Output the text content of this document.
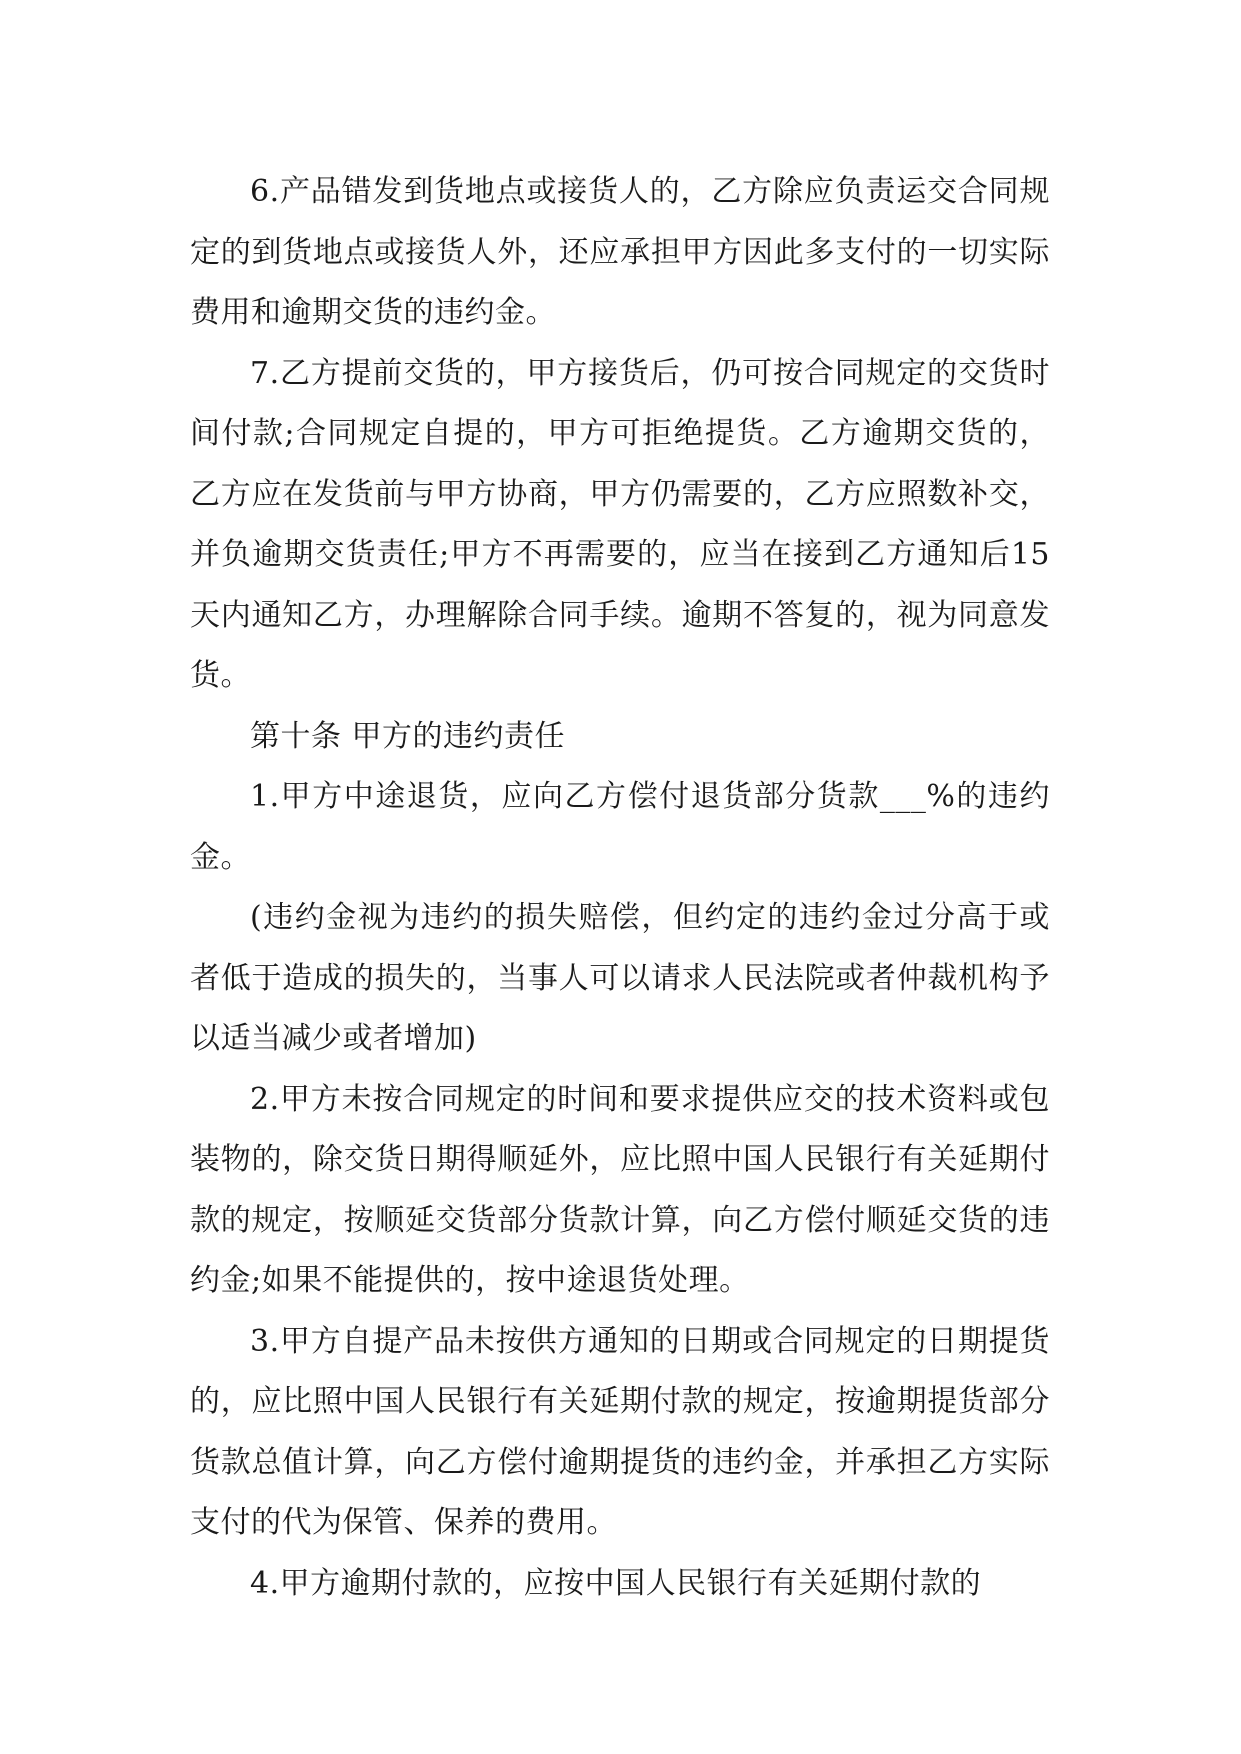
6.产品错发到货地点或接货人的，乙方除应负责运交合同规定的到货地点或接货人外，还应承担甲方因此多支付的一切实际费用和逾期交货的违约金。

7.乙方提前交货的，甲方接货后，仍可按合同规定的交货时间付款;合同规定自提的，甲方可拒绝提货。乙方逾期交货的，乙方应在发货前与甲方协商，甲方仍需要的，乙方应照数补交，并负逾期交货责任;甲方不再需要的，应当在接到乙方通知后15天内通知乙方，办理解除合同手续。逾期不答复的，视为同意发货。

第十条 甲方的违约责任

1.甲方中途退货，应向乙方偿付退货部分货款___%的违约金。

(违约金视为违约的损失赔偿，但约定的违约金过分高于或者低于造成的损失的，当事人可以请求人民法院或者仲裁机构予以适当减少或者增加)

2.甲方未按合同规定的时间和要求提供应交的技术资料或包装物的，除交货日期得顺延外，应比照中国人民银行有关延期付款的规定，按顺延交货部分货款计算，向乙方偿付顺延交货的违约金;如果不能提供的，按中途退货处理。

3.甲方自提产品未按供方通知的日期或合同规定的日期提货的，应比照中国人民银行有关延期付款的规定，按逾期提货部分货款总值计算，向乙方偿付逾期提货的违约金，并承担乙方实际支付的代为保管、保养的费用。

4.甲方逾期付款的，应按中国人民银行有关延期付款的
